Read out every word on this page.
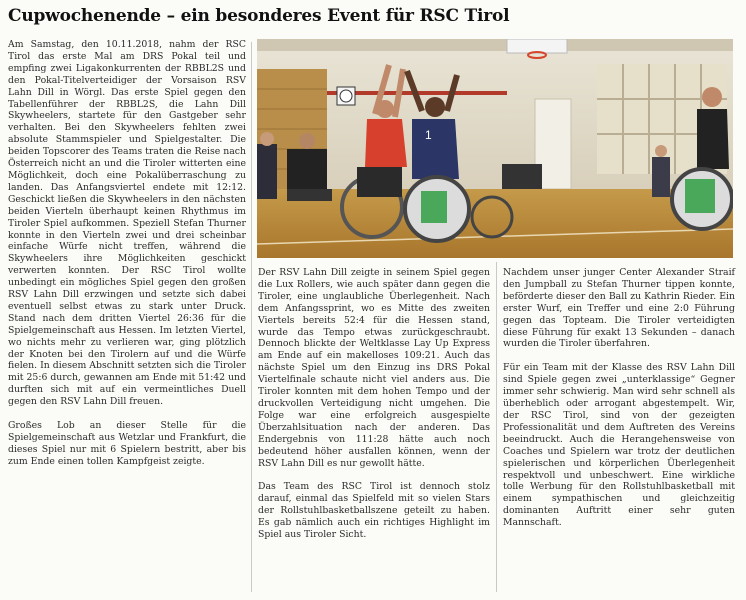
Cupwochenende – ein besonderes Event für RSC Tirol

Am Samstag, den 10.11.2018, nahm der RSC Tirol das erste Mal am DRS Pokal teil und empfing zwei Ligakonkurrenten der RBBL2S und den Pokal-Titelverteidiger der Vorsaison RSV Lahn Dill in Wörgl. Das erste Spiel gegen den Tabellenführer der RBBL2S, die Lahn Dill Skywheelers, startete für den Gastgeber sehr verhalten. Bei den Skywheelers fehlten zwei absolute Stammspieler und Spielgestalter. Die beiden Topscorer des Teams traten die Reise nach Österreich nicht an und die Tiroler witterten eine Möglichkeit, doch eine Pokalüberraschung zu landen. Das Anfangsviertel endete mit 12:12. Geschickt ließen die Skywheelers in den nächsten beiden Vierteln überhaupt keinen Rhythmus im Tiroler Spiel aufkommen. Speziell Stefan Thurner konnte in den Vierteln zwei und drei scheinbar einfache Würfe nicht treffen, während die Skywheelers ihre Möglichkeiten geschickt verwerten konnten. Der RSC Tirol wollte unbedingt ein mögliches Spiel gegen den großen RSV Lahn Dill erzwingen und setzte sich dabei eventuell selbst etwas zu stark unter Druck. Stand nach dem dritten Viertel 26:36 für die Spielgemeinschaft aus Hessen. Im letzten Viertel, wo nichts mehr zu verlieren war, ging plötzlich der Knoten bei den Tirolern auf und die Würfe fielen. In diesem Abschnitt setzten sich die Tiroler mit 25:6 durch, gewannen am Ende mit 51:42 und durften sich mit auf ein vermeintliches Duell gegen den RSV Lahn Dill freuen.

Großes Lob an dieser Stelle für die Spielgemeinschaft aus Wetzlar und Frankfurt, die dieses Spiel nur mit 6 Spielern bestritt, aber bis zum Ende einen tollen Kampfgeist zeigte.

1

Der RSV Lahn Dill zeigte in seinem Spiel gegen die Lux Rollers, wie auch später dann gegen die Tiroler, eine unglaubliche Überlegenheit. Nach dem Anfangssprint, wo es Mitte des zweiten Viertels bereits 52:4 für die Hessen stand, wurde das Tempo etwas zurückgeschraubt. Dennoch blickte der Weltklasse Lay Up Express am Ende auf ein makelloses 109:21. Auch das nächste Spiel um den Einzug ins DRS Pokal Viertelfinale schaute nicht viel anders aus. Die Tiroler konnten mit dem hohen Tempo und der druckvollen Verteidigung nicht umgehen. Die Folge war eine erfolgreich ausgespielte Überzahlsituation nach der anderen. Das Endergebnis von 111:28 hätte auch noch bedeutend höher ausfallen können, wenn der RSV Lahn Dill es nur gewollt hätte.

Das Team des RSC Tirol ist dennoch stolz darauf, einmal das Spielfeld mit so vielen Stars der Rollstuhlbasketballszene geteilt zu haben. Es gab nämlich auch ein richtiges Highlight im Spiel aus Tiroler Sicht.

Nachdem unser junger Center Alexander Straif den Jumpball zu Stefan Thurner tippen konnte, beförderte dieser den Ball zu Kathrin Rieder. Ein erster Wurf, ein Treffer und eine 2:0 Führung gegen das Topteam. Die Tiroler verteidigten diese Führung für exakt 13 Sekunden – danach wurden die Tiroler überfahren.

Für ein Team mit der Klasse des RSV Lahn Dill sind Spiele gegen zwei „unterklassige“ Gegner immer sehr schwierig. Man wird sehr schnell als überheblich oder arrogant abgestempelt. Wir, der RSC Tirol, sind von der gezeigten Professionalität und dem Auftreten des Vereins beeindruckt. Auch die Herangehensweise von Coaches und Spielern war trotz der deutlichen spielerischen und körperlichen Überlegenheit respektvoll und unbeschwert. Eine wirkliche tolle Werbung für den Rollstuhlbasketball mit einem sympathischen und gleichzeitig dominanten Auftritt einer sehr guten Mannschaft.
